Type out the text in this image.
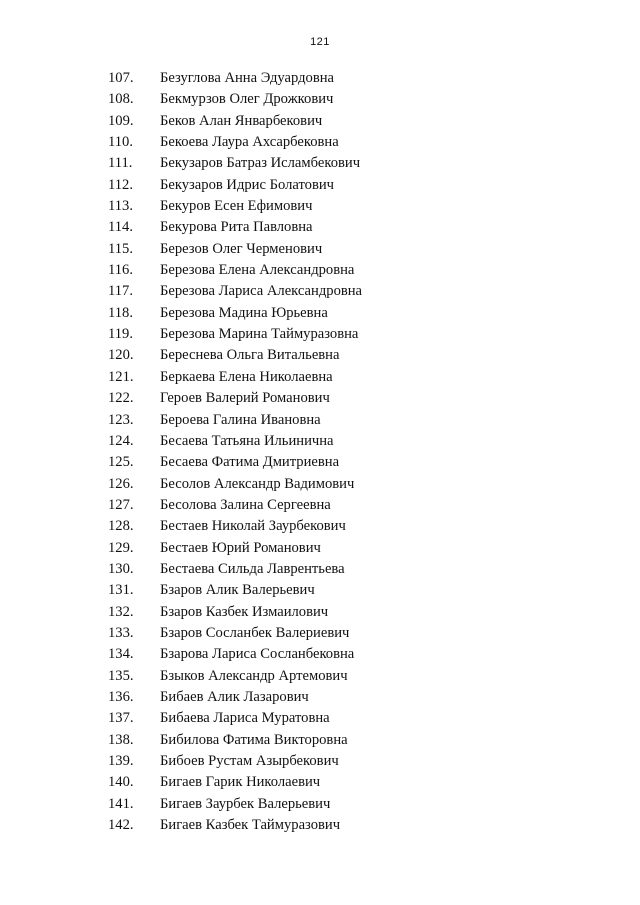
121
107. Безуглова Анна Эдуардовна
108. Бекмурзов Олег Дрожкович
109. Беков Алан Январбекович
110. Бекоева Лаура Ахсарбековна
111. Бекузаров Батраз Исламбекович
112. Бекузаров Идрис Болатович
113. Бекуров Есен Ефимович
114. Бекурова Рита Павловна
115. Березов Олег Черменович
116. Березова Елена Александровна
117. Березова Лариса Александровна
118. Березова Мадина Юрьевна
119. Березова Марина Таймуразовна
120. Береснева Ольга Витальевна
121. Беркаева Елена Николаевна
122. Героев Валерий Романович
123. Бероева Галина Ивановна
124. Бесаева Татьяна Ильинична
125. Бесаева Фатима Дмитриевна
126. Бесолов Александр Вадимович
127. Бесолова Залина Сергеевна
128. Бестаев Николай Заурбекович
129. Бестаев Юрий Романович
130. Бестаева Сильда Лаврентьева
131. Бзаров Алик Валерьевич
132. Бзаров Казбек Измаилович
133. Бзаров Сосланбек Валериевич
134. Бзарова Лариса Сосланбековна
135. Бзыков Александр Артемович
136. Бибаев Алик Лазарович
137. Бибаева Лариса Муратовна
138. Бибилова Фатима Викторовна
139. Бибоев Рустам Азырбекович
140. Бигаев Гарик Николаевич
141. Бигаев Заурбек Валерьевич
142. Бигаев Казбек Таймуразович
